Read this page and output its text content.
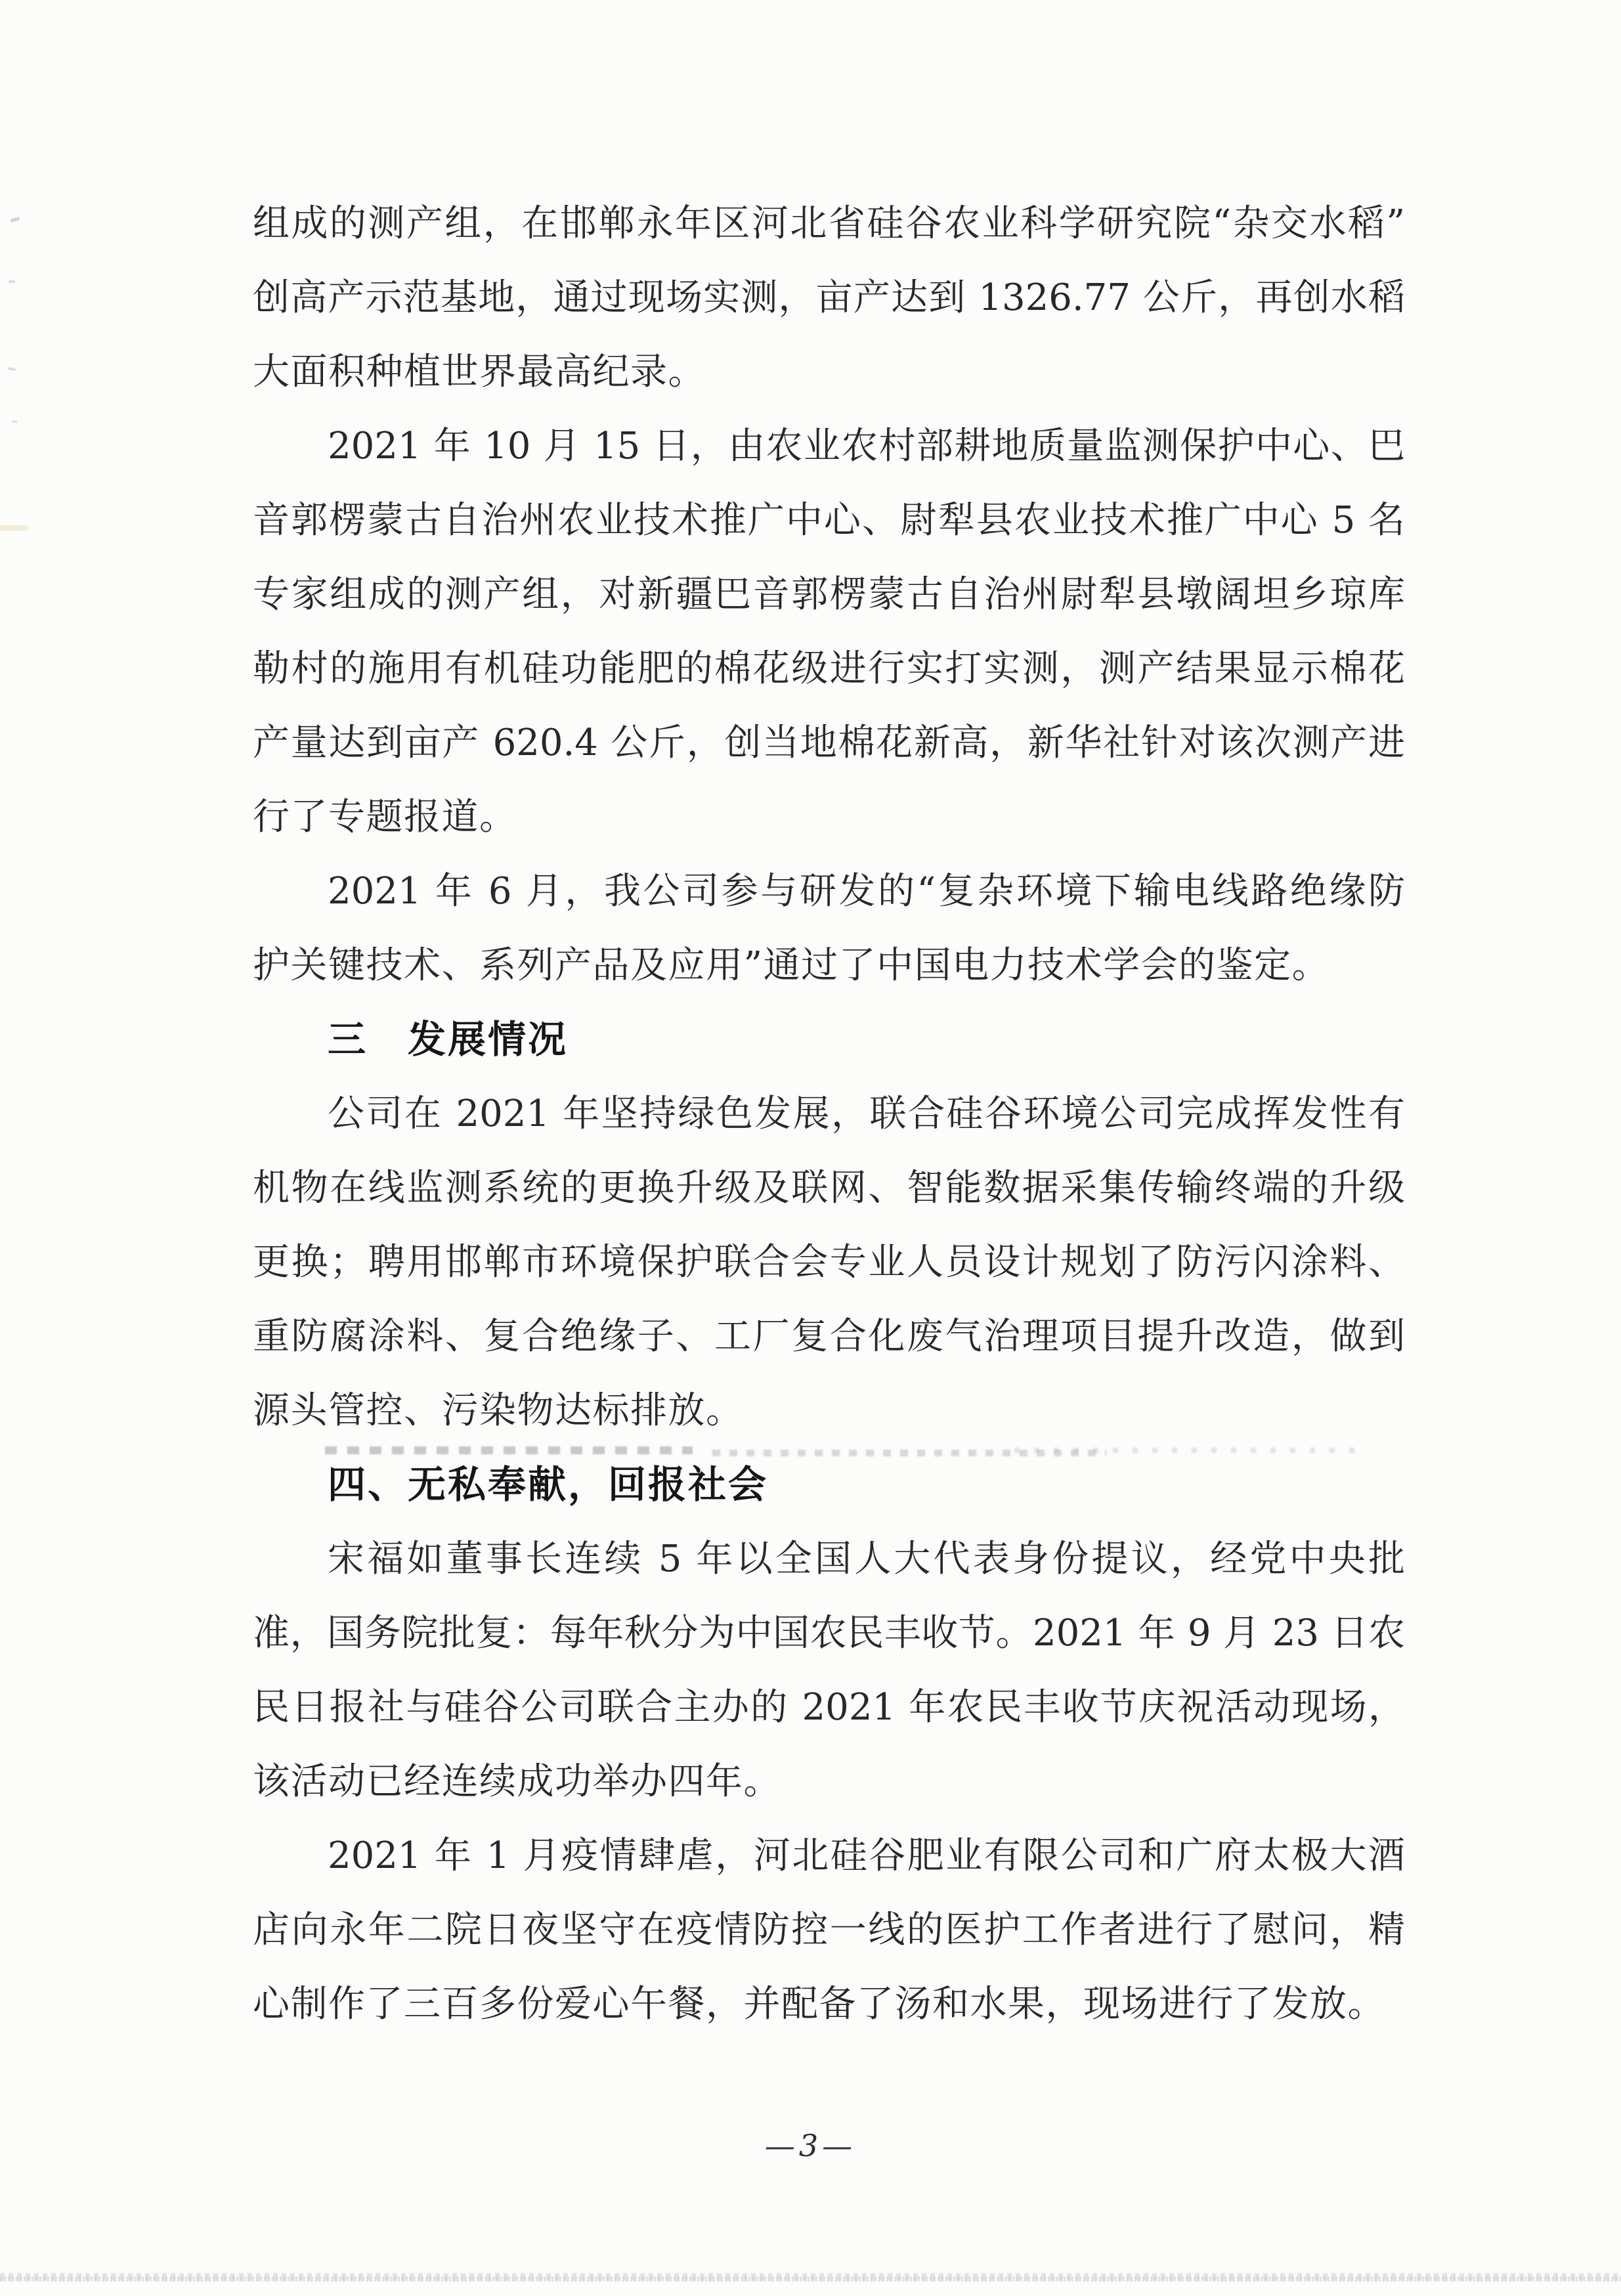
组成的测产组，在邯郸永年区河北省硅谷农业科学研究院“杂交水稻”
创高产示范基地，通过现场实测，亩产达到 1326.77 公斤，再创水稻
大面积种植世界最高纪录。
2021 年 10 月 15 日，由农业农村部耕地质量监测保护中心、巴
音郭楞蒙古自治州农业技术推广中心、尉犁县农业技术推广中心 5 名
专家组成的测产组，对新疆巴音郭楞蒙古自治州尉犁县墩阔坦乡琼库
勒村的施用有机硅功能肥的棉花级进行实打实测，测产结果显示棉花
产量达到亩产 620.4 公斤，创当地棉花新高，新华社针对该次测产进
行了专题报道。
2021 年 6 月，我公司参与研发的“复杂环境下输电线路绝缘防
护关键技术、系列产品及应用”通过了中国电力技术学会的鉴定。
三　发展情况
公司在 2021 年坚持绿色发展，联合硅谷环境公司完成挥发性有
机物在线监测系统的更换升级及联网、智能数据采集传输终端的升级
更换；聘用邯郸市环境保护联合会专业人员设计规划了防污闪涂料、
重防腐涂料、复合绝缘子、工厂复合化废气治理项目提升改造，做到
源头管控、污染物达标排放。
四、无私奉献，回报社会
宋福如董事长连续 5 年以全国人大代表身份提议，经党中央批
准，国务院批复：每年秋分为中国农民丰收节。2021 年 9 月 23 日农
民日报社与硅谷公司联合主办的 2021 年农民丰收节庆祝活动现场，
该活动已经连续成功举办四年。
2021 年 1 月疫情肆虐，河北硅谷肥业有限公司和广府太极大酒
店向永年二院日夜坚守在疫情防控一线的医护工作者进行了慰问，精
心制作了三百多份爱心午餐，并配备了汤和水果，现场进行了发放。
—3—
